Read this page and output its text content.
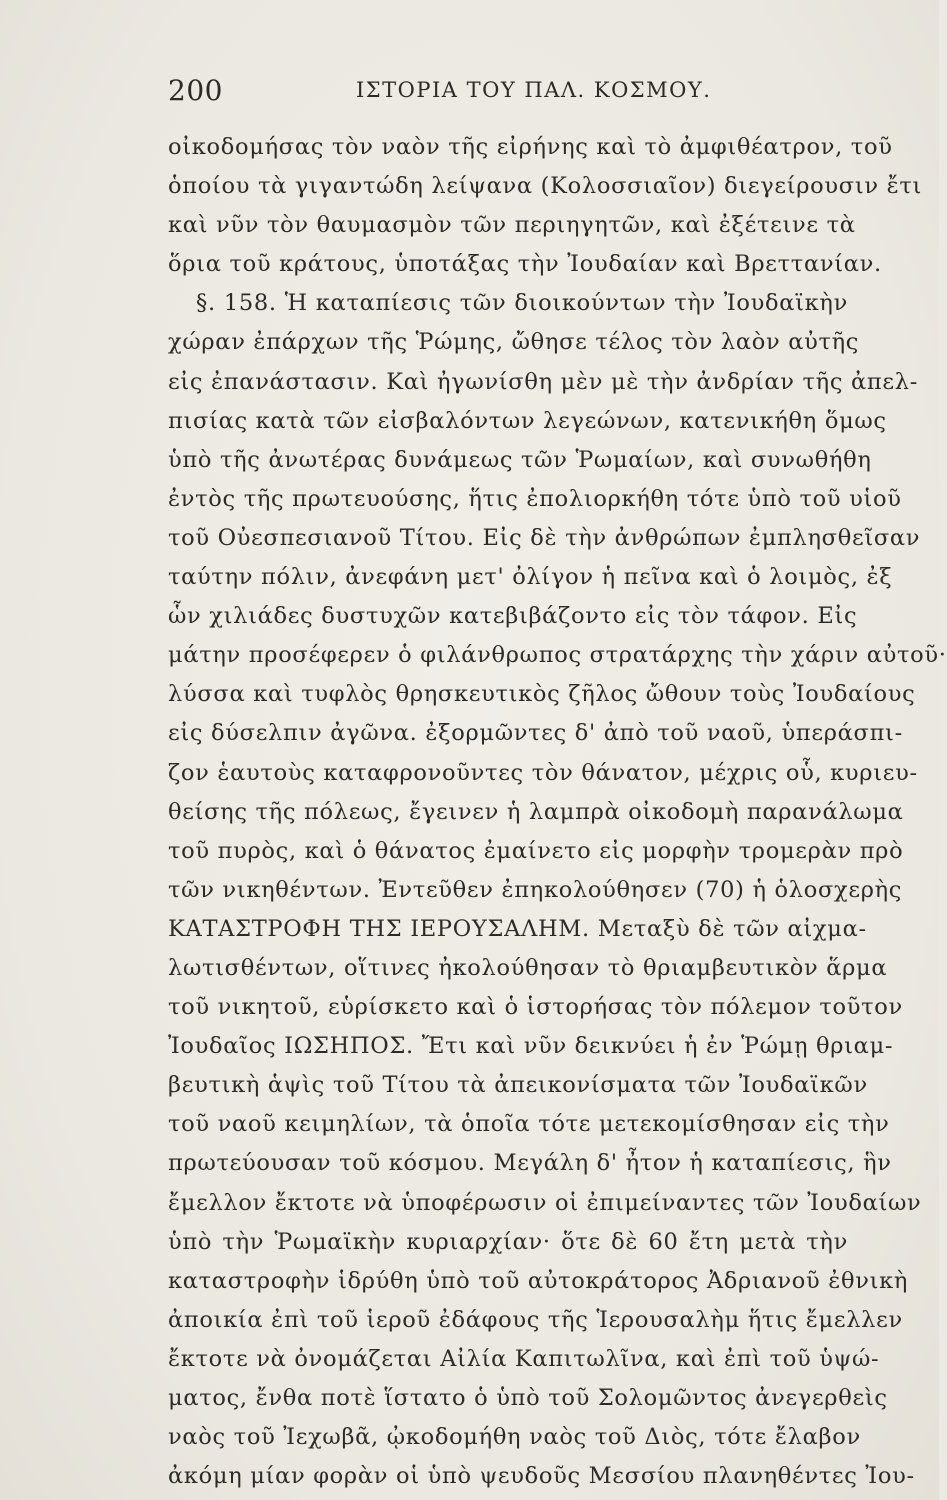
200	ΙΣΤΟΡΙΑ ΤΟΥ ΠΑΛ. ΚΟΣΜΟΥ.
οἰκοδομήσας τὸν ναὸν τῆς εἰρήνης καὶ τὸ ἀμφιθέατρον, τοῦ
ὁποίου τὰ γιγαντώδη λείψανα (Κολοσσιαῖον) διεγείρουσιν ἔτι
καὶ νῦν τὸν θαυμασμὸν τῶν περιηγητῶν, καὶ ἐξέτεινε τὰ
ὅρια τοῦ κράτους, ὑποτάξας τὴν Ἰουδαίαν καὶ Βρεττανίαν.
§. 158. Ἡ καταπίεσις τῶν διοικούντων τὴν Ἰουδαϊκὴν
χώραν ἐπάρχων τῆς Ῥώμης, ὤθησε τέλος τὸν λαὸν αὐτῆς
εἰς ἐπανάστασιν. Καὶ ἠγωνίσθη μὲν μὲ τὴν ἀνδρίαν τῆς ἀπελ-
πισίας κατὰ τῶν εἰσβαλόντων λεγεώνων, κατενικήθη ὅμως
ὑπὸ τῆς ἀνωτέρας δυνάμεως τῶν Ῥωμαίων, καὶ συνωθήθη
ἐντὸς τῆς πρωτευούσης, ἥτις ἐπολιορκήθη τότε ὑπὸ τοῦ υἱοῦ
τοῦ Οὐεσπεσιανοῦ Τίτου. Εἰς δὲ τὴν ἀνθρώπων ἐμπλησθεῖσαν
ταύτην πόλιν, ἀνεφάνη μετ' ὀλίγον ἡ πεῖνα καὶ ὁ λοιμὸς, ἐξ
ὧν χιλιάδες δυστυχῶν κατεβιβάζοντο εἰς τὸν τάφον. Εἰς
μάτην προσέφερεν ὁ φιλάνθρωπος στρατάρχης τὴν χάριν αὐτοῦ·
λύσσα καὶ τυφλὸς θρησκευτικὸς ζῆλος ὤθουν τοὺς Ἰουδαίους
εἰς δύσελπιν ἀγῶνα. ἐξορμῶντες δ' ἀπὸ τοῦ ναοῦ, ὑπεράσπι-
ζον ἑαυτοὺς καταφρονοῦντες τὸν θάνατον, μέχρις οὗ, κυριευ-
θείσης τῆς πόλεως, ἔγεινεν ἡ λαμπρὰ οἰκοδομὴ παρανάλωμα
τοῦ πυρὸς, καὶ ὁ θάνατος ἐμαίνετο εἰς μορφὴν τρομερὰν πρὸ
τῶν νικηθέντων. Ἐντεῦθεν ἐπηκολούθησεν (70) ἡ ὁλοσχερὴς
ΚΑΤΑΣΤΡΟΦΗ ΤΗΣ ΙΕΡΟΥΣΑΛΗΜ. Μεταξὺ δὲ τῶν αἰχμα-
λωτισθέντων, οἵτινες ἠκολούθησαν τὸ θριαμβευτικὸν ἅρμα
τοῦ νικητοῦ, εὑρίσκετο καὶ ὁ ἱστορήσας τὸν πόλεμον τοῦτον
Ἰουδαῖος ΙΩΣΗΠΟΣ. Ἔτι καὶ νῦν δεικνύει ἡ ἐν Ῥώμῃ θριαμ-
βευτικὴ ἁψὶς τοῦ Τίτου τὰ ἀπεικονίσματα τῶν Ἰουδαϊκῶν
τοῦ ναοῦ κειμηλίων, τὰ ὁποῖα τότε μετεκομίσθησαν εἰς τὴν
πρωτεύουσαν τοῦ κόσμου. Μεγάλη δ' ἦτον ἡ καταπίεσις, ἣν
ἔμελλον ἔκτοτε νὰ ὑποφέρωσιν οἱ ἐπιμείναντες τῶν Ἰουδαίων
ὑπὸ τὴν Ῥωμαϊκὴν κυριαρχίαν· ὅτε δὲ 60 ἔτη μετὰ τὴν
καταστροφὴν ἱδρύθη ὑπὸ τοῦ αὐτοκράτορος Ἀδριανοῦ ἐθνικὴ
ἀποικία ἐπὶ τοῦ ἱεροῦ ἐδάφους τῆς Ἱερουσαλὴμ ἥτις ἔμελλεν
ἔκτοτε νὰ ὀνομάζεται Αἰλία Καπιτωλῖνα, καὶ ἐπὶ τοῦ ὑψώ-
ματος, ἔνθα ποτὲ ἵστατο ὁ ὑπὸ τοῦ Σολομῶντος ἀνεγερθεὶς
ναὸς τοῦ Ἰεχωβᾶ, ᾠκοδομήθη ναὸς τοῦ Διὸς, τότε ἔλαβον
ἀκόμη μίαν φορὰν οἱ ὑπὸ ψευδοῦς Μεσσίου πλανηθέντες Ἰου-
